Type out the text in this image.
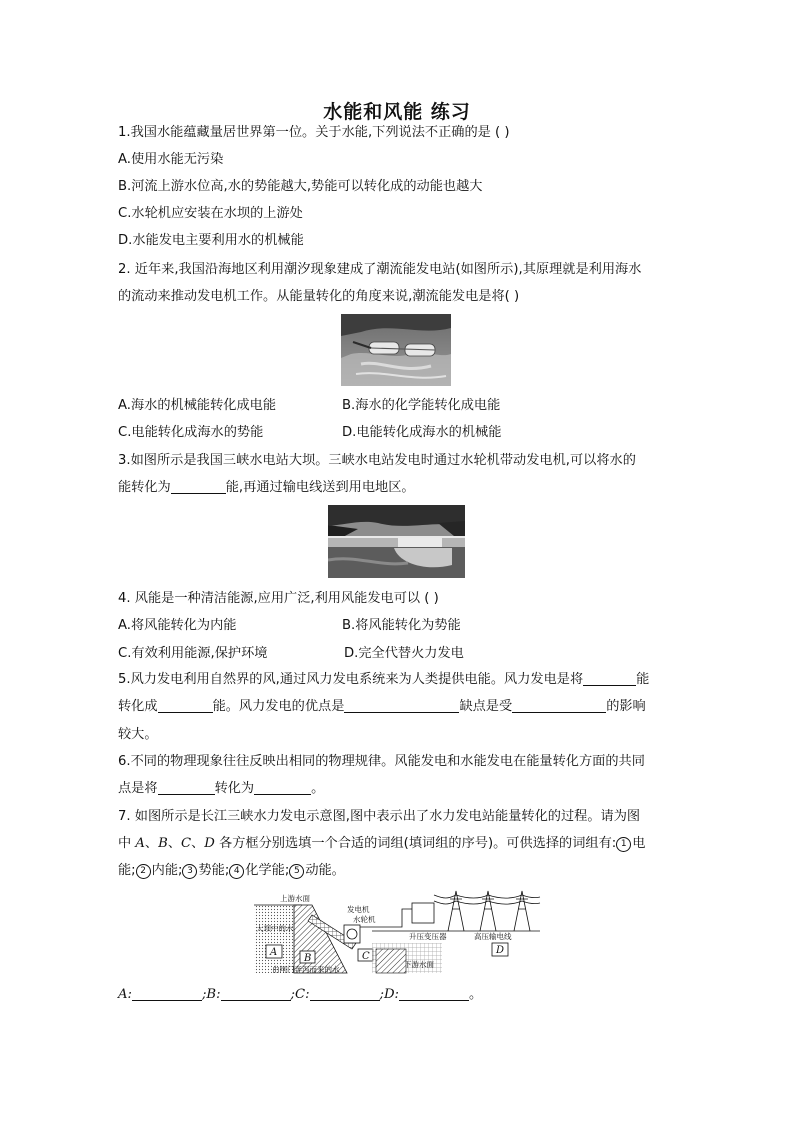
水能和风能 练习
1.我国水能蕴藏量居世界第一位。关于水能,下列说法不正确的是 ( )
A.使用水能无污染
B.河流上游水位高,水的势能越大,势能可以转化成的动能也越大
C.水轮机应安装在水坝的上游处
D.水能发电主要利用水的机械能
2. 近年来,我国沿海地区利用潮汐现象建成了潮流能发电站(如图所示),其原理就是利用海水
的流动来推动发电机工作。从能量转化的角度来说,潮流能发电是将( )
A.海水的机械能转化成电能	B.海水的化学能转化成电能
C.电能转化成海水的势能	D.电能转化成海水的机械能
3.如图所示是我国三峡水电站大坝。三峡水电站发电时通过水轮机带动发电机,可以将水的
能转化为	能,再通过输电线送到用电地区。
4. 风能是一种清洁能源,应用广泛,利用风能发电可以 ( )
A.将风能转化为内能	B.将风能转化为势能
C.有效利用能源,保护环境	D.完全代替火力发电
5.风力发电利用自然界的风,通过风力发电系统来为人类提供电能。风力发电是将	能
转化成	能。风力发电的优点是	缺点是受	的影响
较大。
6.不同的物理现象往往反映出相同的物理规律。风能发电和水能发电在能量转化方面的共同
点是将	转化为	。
7. 如图所示是长江三峡水力发电示意图,图中表示出了水力发电站能量转化的过程。请为图
中 A、B、C、D 各方框分别选填一个合适的词组(填词组的序号)。可供选择的词组有: 1 电
能; 2 内能; 3 势能; 4 化学能; 5 动能。
上游水面
大坝中的水
A
B
由闸门奔泻而来的水
发电机
水轮机
C
下游水面
升压变压器	高压输电线
D
A:	;B:	;C:	;D:	。
